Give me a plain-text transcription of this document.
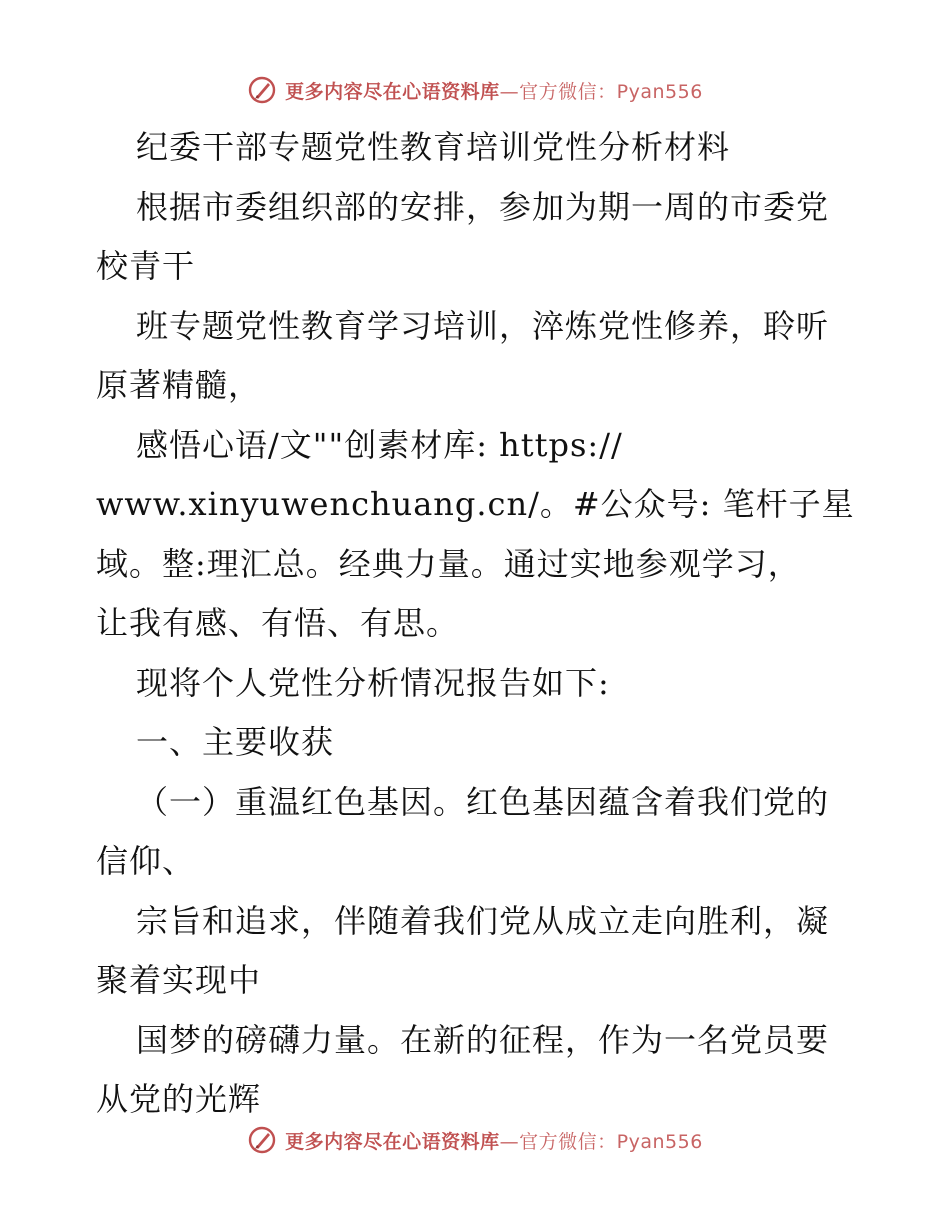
更多内容尽在心语资料库—官方微信：Pyan556
纪委干部专题党性教育培训党性分析材料
根据市委组织部的安排，参加为期一周的市委党
校青干
班专题党性教育学习培训，淬炼党性修养，聆听
原著精髓，
感悟心语/文""创素材库: https://
www.xinyuwenchuang.cn/。#公众号: 笔杆子星
域。整:理汇总。经典力量。通过实地参观学习，
让我有感、有悟、有思。
现将个人党性分析情况报告如下:
一、主要收获
（一）重温红色基因。红色基因蕴含着我们党的
信仰、
宗旨和追求，伴随着我们党从成立走向胜利，凝
聚着实现中
国梦的磅礴力量。在新的征程，作为一名党员要
从党的光辉
更多内容尽在心语资料库—官方微信：Pyan556
